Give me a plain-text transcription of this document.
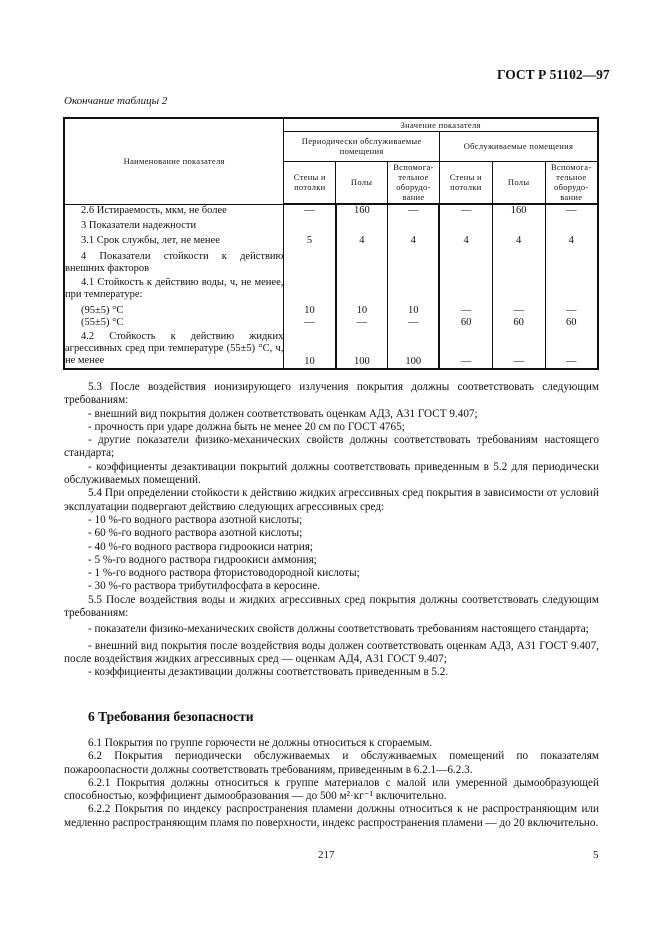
ГОСТ Р 51102—97
Окончание таблицы 2
Наименование показателя	Значение показателя					
	Периодически обслуживаемые помещения			Обслуживаемые помещения		
	Стены и потолки	Полы	Вспомога-тельное оборудо-вание	Стены и потолки	Полы	Вспомога-тельное оборудо-вание
2.6 Истираемость, мкм, не более	—	160	—	—	160	—
3 Показатели надежности						
3.1 Срок службы, лет, не менее	5	4	4	4	4	4
4 Показатели стойкости к действию внешних факторов						
4.1 Стойкость к действию воды, ч, не менее, при температуре:						
(95±5) °С	10	10	10	—	—	—
(55±5) °С	—	—	—	60	60	60
4.2 Стойкость к действию жидких агрессивных сред при температуре (55±5) °С, ч, не менее	10	100	100	—	—	—

5.3 После воздействия ионизирующего излучения покрытия должны соответствовать следующим требованиям:

- внешний вид покрытия должен соответствовать оценкам АД3, А31 ГОСТ 9.407;

- прочность при ударе должна быть не менее 20 см по ГОСТ 4765;

- другие показатели физико-механических свойств должны соответствовать требованиям настоящего стандарта;

- коэффициенты дезактивации покрытий должны соответствовать приведенным в 5.2 для периодически обслуживаемых помещений.

5.4 При определении стойкости к действию жидких агрессивных сред покрытия в зависимости от условий эксплуатации подвергают действию следующих агрессивных сред:

- 10 %-го водного раствора азотной кислоты;

- 60 %-го водного раствора азотной кислоты;

- 40 %-го водного раствора гидроокиси натрия;

- 5 %-го водного раствора гидроокиси аммония;

- 1 %-го водного раствора фтористоводородной кислоты;

- 30 %-го раствора трибутилфосфата в керосине.

5.5 После воздействия воды и жидких агрессивных сред покрытия должны соответствовать следующим требованиям:

- показатели физико-механических свойств должны соответствовать требованиям настоящего стандарта;

- внешний вид покрытия после воздействия воды должен соответствовать оценкам АД3, А31 ГОСТ 9.407, после воздействия жидких агрессивных сред — оценкам АД4, А31 ГОСТ 9.407;

- коэффициенты дезактивации должны соответствовать приведенным в 5.2.

6 Требования безопасности

6.1 Покрытия по группе горючести не должны относиться к сгораемым.

6.2 Покрытия периодически обслуживаемых и обслуживаемых помещений по показателям пожароопасности должны соответствовать требованиям, приведенным в 6.2.1—6.2.3.

6.2.1 Покрытия должны относиться к группе материалов с малой или умеренной дымообразующей способностью, коэффициент дымообразования — до 500 м²·кг⁻¹ включительно.

6.2.2 Покрытия по индексу распространения пламени должны относиться к не распространяющим или медленно распространяющим пламя по поверхности, индекс распространения пламени — до 20 включительно.

217	5
